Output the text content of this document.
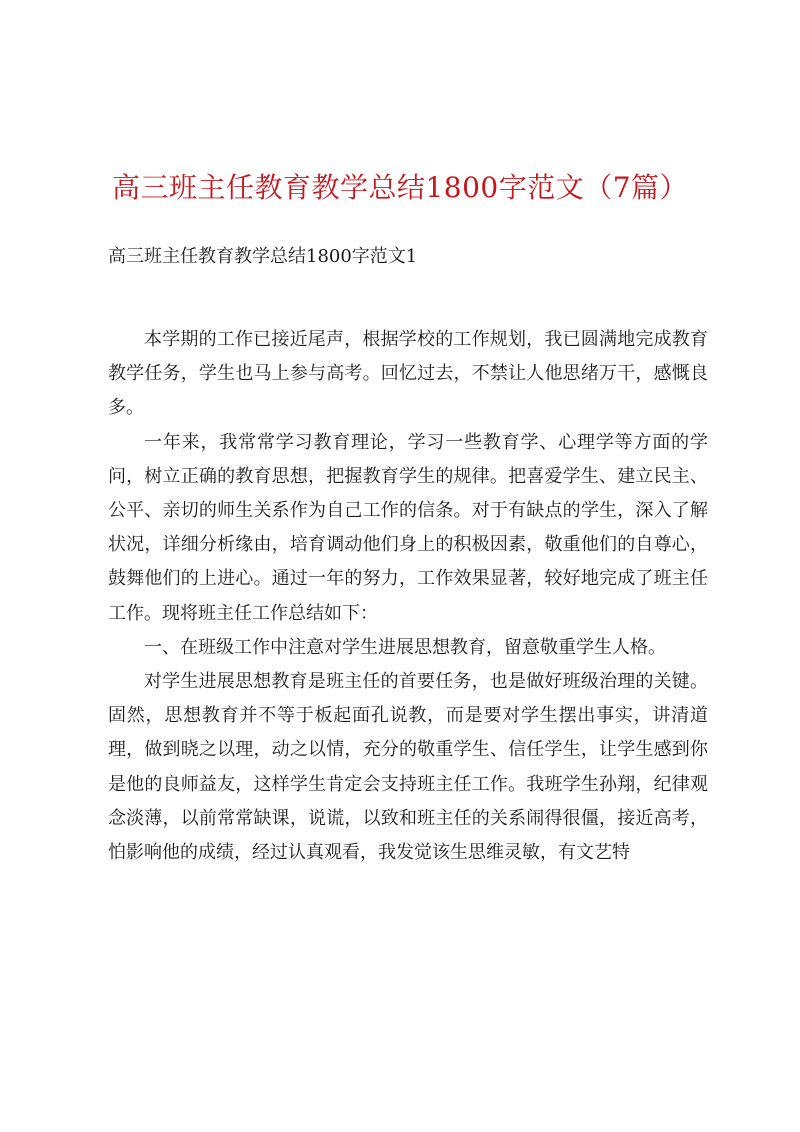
高三班主任教育教学总结1800字范文（7篇）
高三班主任教育教学总结1800字范文1

本学期的工作已接近尾声，根据学校的工作规划，我已圆满地完成教育教学任务，学生也马上参与高考。回忆过去，不禁让人他思绪万干，感慨良多。

一年来，我常常学习教育理论，学习一些教育学、心理学等方面的学问，树立正确的教育思想，把握教育学生的规律。把喜爱学生、建立民主、公平、亲切的师生关系作为自己工作的信条。对于有缺点的学生，深入了解状况，详细分析缘由，培育调动他们身上的积极因素，敬重他们的自尊心，鼓舞他们的上进心。通过一年的努力，工作效果显著，较好地完成了班主任工作。现将班主任工作总结如下：

一、在班级工作中注意对学生进展思想教育，留意敬重学生人格。

对学生进展思想教育是班主任的首要任务，也是做好班级治理的关键。固然，思想教育并不等于板起面孔说教，而是要对学生摆出事实，讲清道理，做到晓之以理，动之以情，充分的敬重学生、信任学生，让学生感到你是他的良师益友，这样学生肯定会支持班主任工作。我班学生孙翔，纪律观念淡薄，以前常常缺课，说谎，以致和班主任的关系闹得很僵，接近高考，怕影响他的成绩，经过认真观看，我发觉该生思维灵敏，有文艺特
